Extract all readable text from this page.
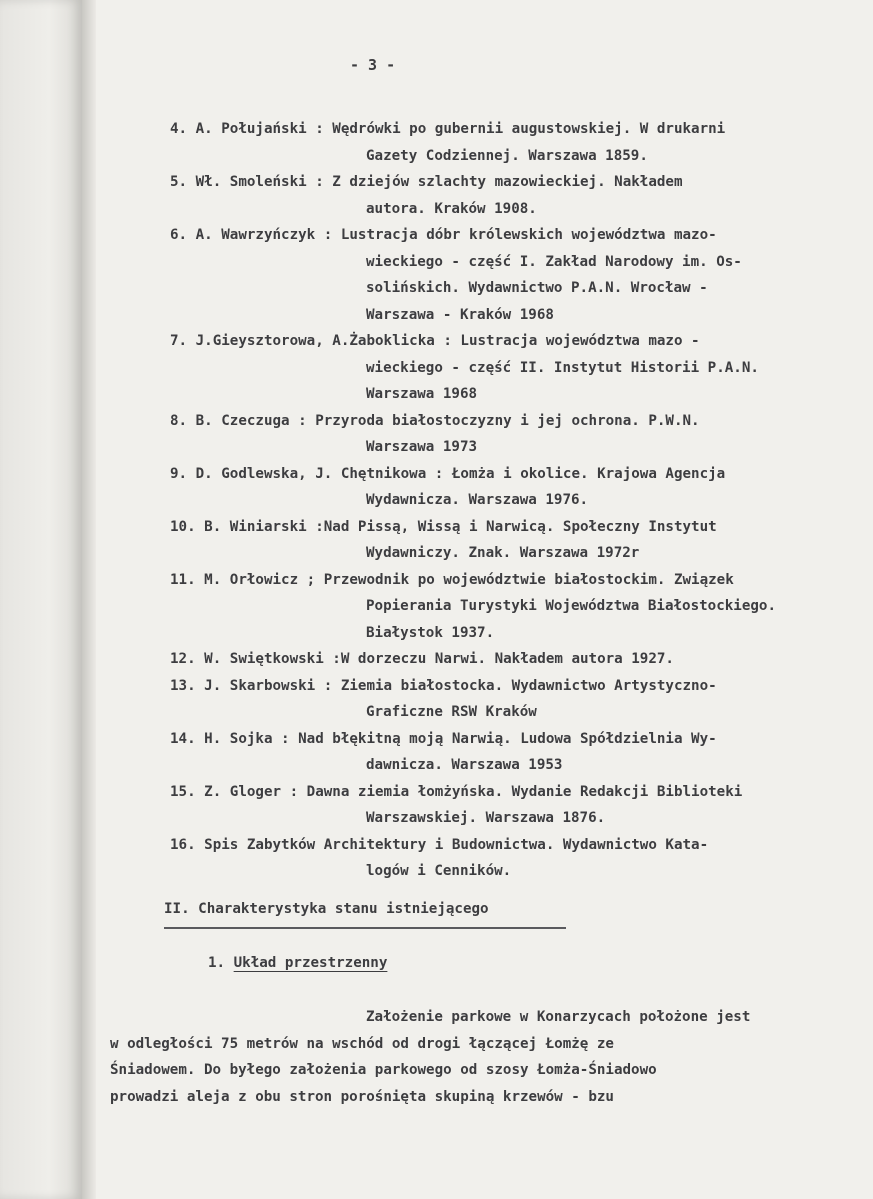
- 3 -
4. A. Połujański : Wędrówki po gubernii augustowskiej. W drukarni
Gazety Codziennej. Warszawa 1859.
5. Wł. Smoleński : Z dziejów szlachty mazowieckiej. Nakładem
autora. Kraków 1908.
6. A. Wawrzyńczyk : Lustracja dóbr królewskich województwa mazo-
wieckiego - część I. Zakład Narodowy im. Os-
solińskich. Wydawnictwo P.A.N. Wrocław -
Warszawa - Kraków 1968
7. J.Gieysztorowa, A.Żaboklicka : Lustracja województwa mazo -
wieckiego - część II. Instytut Historii P.A.N.
Warszawa 1968
8. B. Czeczuga : Przyroda białostoczyzny i jej ochrona. P.W.N.
Warszawa 1973
9. D. Godlewska, J. Chętnikowa : Łomża i okolice. Krajowa Agencja
Wydawnicza. Warszawa 1976.
10. B. Winiarski :Nad Pissą, Wissą i Narwicą. Społeczny Instytut
Wydawniczy. Znak. Warszawa 1972r
11. M. Orłowicz ; Przewodnik po województwie białostockim. Związek
Popierania Turystyki Województwa Białostockiego.
Białystok 1937.
12. W. Swiętkowski :W dorzeczu Narwi. Nakładem autora 1927.
13. J. Skarbowski : Ziemia białostocka. Wydawnictwo Artystyczno-
Graficzne RSW Kraków
14. H. Sojka : Nad błękitną moją Narwią. Ludowa Spółdzielnia Wy-
dawnicza. Warszawa 1953
15. Z. Gloger : Dawna ziemia łomżyńska. Wydanie Redakcji Biblioteki
Warszawskiej. Warszawa 1876.
16. Spis Zabytków Architektury i Budownictwa. Wydawnictwo Kata-
logów i Cenników.
II. Charakterystyka stanu istniejącego
1. Układ przestrzenny
Założenie parkowe w Konarzycach położone jest
w odległości 75 metrów na wschód od drogi łączącej Łomżę ze
Śniadowem. Do byłego założenia parkowego od szosy Łomża-Śniadowo
prowadzi aleja z obu stron porośnięta skupiną krzewów - bzu
